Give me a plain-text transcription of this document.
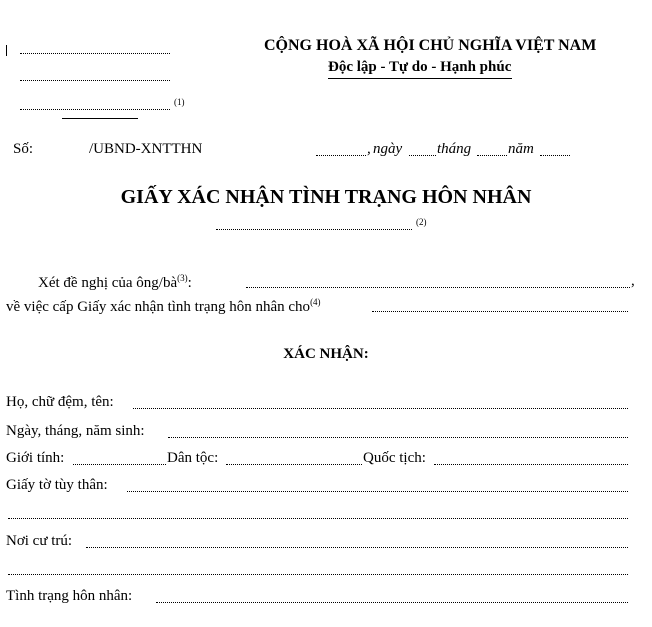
(1)
CỘNG HOÀ XÃ HỘI CHỦ NGHĨA VIỆT NAM
Độc lập - Tự do - Hạnh phúc
Số:	/UBND-XNTTHN	, ngày tháng năm
GIẤY XÁC NHẬN TÌNH TRẠNG HÔN NHÂN
(2)
Xét đề nghị của ông/$bà^{(3)}$:	,
về việc cấp Giấy xác nhận tình trạng hôn nhân cho$^{(4)}$
XÁC NHẬN:
Họ, chữ đệm, tên:
Ngày, tháng, năm sinh:
Giới tính:	Dân tộc:	Quốc tịch:
Giấy tờ tùy thân:
Nơi cư trú:
Tình trạng hôn nhân:
